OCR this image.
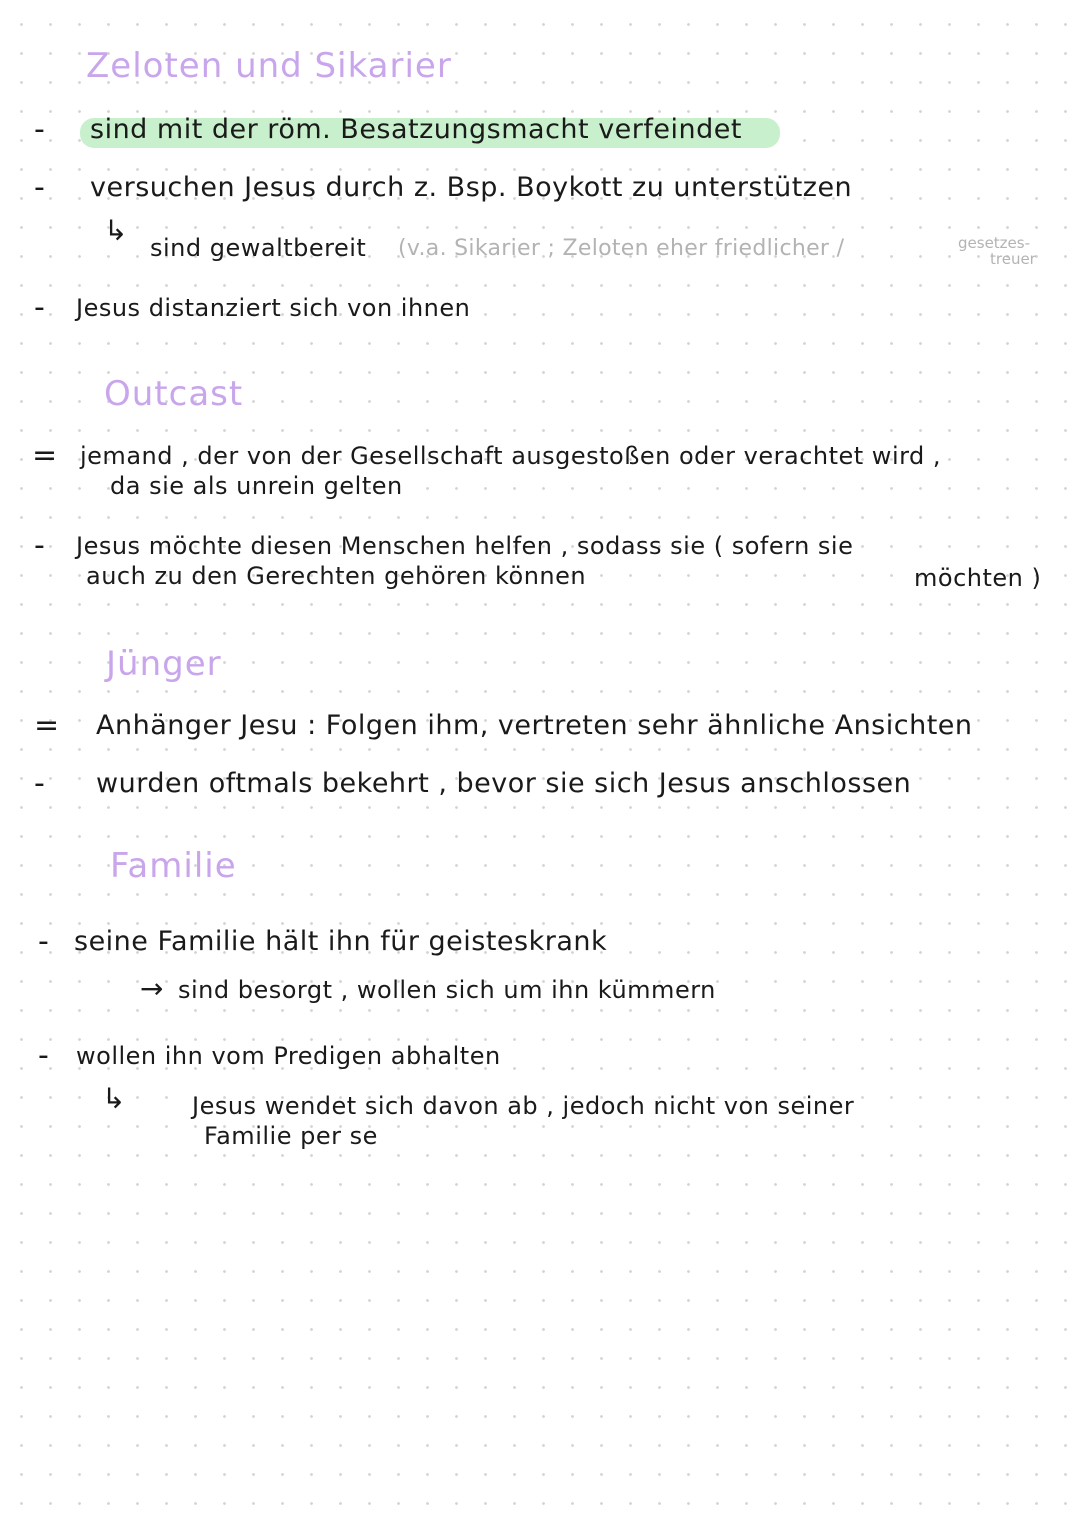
Zeloten und Sikarier
- sind mit der röm. Besatzungsmacht verfeindet
- versuchen Jesus durch z. Bsp. Boykott zu unterstützen
↳
sind gewaltbereit (v.a. Sikarier ; Zeloten eher friedlicher /	gesetzes-
treuer
- Jesus distanziert sich von ihnen
Outcast
= jemand , der von der Gesellschaft ausgestoßen oder verachtet wird ,
da sie als unrein gelten
- Jesus möchte diesen Menschen helfen , sodass sie ( sofern sie
auch zu den Gerechten gehören können	möchten )
Jünger
= Anhänger Jesu : Folgen ihm, vertreten sehr ähnliche Ansichten
- wurden oftmals bekehrt , bevor sie sich Jesus anschlossen
Familie
- seine Familie hält ihn für geisteskrank
→ sind besorgt , wollen sich um ihn kümmern
- wollen ihn vom Predigen abhalten
↳	Jesus wendet sich davon ab , jedoch nicht von seiner
Familie per se
